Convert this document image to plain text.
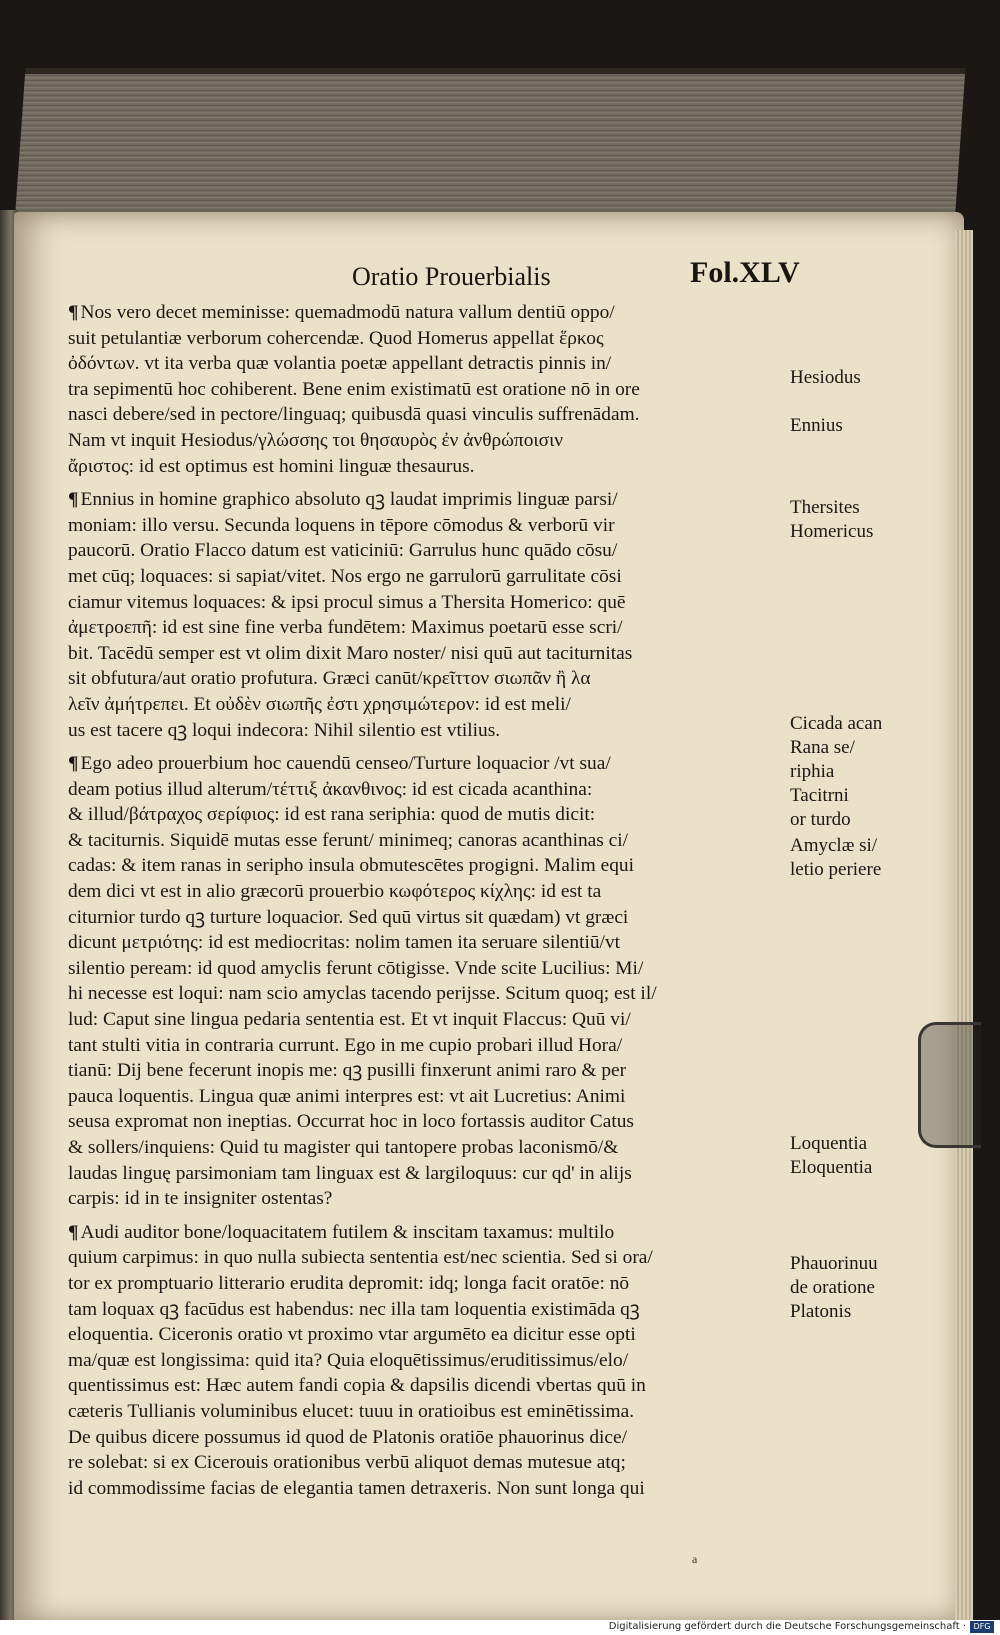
Oratio Prouerbialis	Fol.XLV
¶ Nos vero decet meminisse: quemadmodū natura vallum dentiū oppo/
suit petulantiæ verborum cohercendæ. Quod Homerus appellat ἕρκος
ὀδόντων. vt ita verba quæ volantia poetæ appellant detractis pinnis in/
tra sepimentū hoc cohiberent. Bene enim existimatū est oratione nō in ore
nasci debere/sed in pectore/linguaq; quibusdā quasi vinculis suffrenādam.
Nam vt inquit Hesiodus/γλώσσης τοι θησαυρὸς ἐν ἀνθρώποισιν
ἄριστος: id est optimus est homini linguæ thesaurus.
¶ Ennius in homine graphico absoluto qꝫ laudat imprimis linguæ parsi/
moniam: illo versu. Secunda loquens in tēpore cōmodus & verborū vir
paucorū. Oratio Flacco datum est vaticiniū: Garrulus hunc quādo cōsu/
met cūq; loquaces: si sapiat/vitet. Nos ergo ne garrulorū garrulitate cōsi
ciamur vitemus loquaces: & ipsi procul simus a Thersita Homerico: quē
ἀμετροεπῆ: id est sine fine verba fundētem: Maximus poetarū esse scri/
bit. Tacēdū semper est vt olim dixit Maro noster/ nisi quū aut taciturnitas
sit obfutura/aut oratio profutura. Græci canūt/κρεῖττον σιωπᾶν ἢ λα
λεῖν ἀμήτρεπει. Et οὐδὲν σιωπῆς ἐστι χρησιμώτερον: id est meli/
us est tacere qꝫ loqui indecora: Nihil silentio est vtilius.
¶ Ego adeo prouerbium hoc cauendū censeo/Turture loquacior /vt sua/
deam potius illud alterum/τέττιξ ἀκανθινος: id est cicada acanthina:
& illud/βάτραχος σερίφιος: id est rana seriphia: quod de mutis dicit:
& taciturnis. Siquidē mutas esse ferunt/ minimeq; canoras acanthinas ci/
cadas: & item ranas in seripho insula obmutescētes progigni. Malim equi
dem dici vt est in alio græcorū prouerbio κωφότερος κίχλης: id est ta
citurnior turdo qꝫ turture loquacior. Sed quū virtus sit quædam) vt græci
dicunt μετριότης: id est mediocritas: nolim tamen ita seruare silentiū/vt
silentio peream: id quod amyclis ferunt cōtigisse. Vnde scite Lucilius: Mi/
hi necesse est loqui: nam scio amyclas tacendo perijsse. Scitum quoq; est il/
lud: Caput sine lingua pedaria sententia est. Et vt inquit Flaccus: Quū vi/
tant stulti vitia in contraria currunt. Ego in me cupio probari illud Hora/
tianū: Dij bene fecerunt inopis me: qꝫ pusilli finxerunt animi raro & per
pauca loquentis. Lingua quæ animi interpres est: vt ait Lucretius: Animi
seusa expromat non ineptias. Occurrat hoc in loco fortassis auditor Catus
& sollers/inquiens: Quid tu magister qui tantopere probas laconismō/&
laudas linguę parsimoniam tam linguax est & largiloquus: cur qd' in alijs
carpis: id in te insigniter ostentas?
¶ Audi auditor bone/loquacitatem futilem & inscitam taxamus: multilo
quium carpimus: in quo nulla subiecta sententia est/nec scientia. Sed si ora/
tor ex promptuario litterario erudita depromit: idq; longa facit oratōe: nō
tam loquax qꝫ facūdus est habendus: nec illa tam loquentia existimāda qꝫ
eloquentia. Ciceronis oratio vt proximo vtar argumēto ea dicitur esse opti
ma/quæ est longissima: quid ita? Quia eloquētissimus/eruditissimus/elo/
quentissimus est: Hæc autem fandi copia & dapsilis dicendi vbertas quū in
cæteris Tullianis voluminibus elucet: tuuu in oratioibus est eminētissima.
De quibus dicere possumus id quod de Platonis oratiōe phauorinus dice/
re solebat: si ex Cicerouis orationibus verbū aliquot demas mutesue atq;
id commodissime facias de elegantia tamen detraxeris. Non sunt longa qui
Hesiodus
Ennius
Thersites
Homericus
Cicada acan
Rana se/
riphia
Tacitrni
or turdo
Amyclæ si/
letio periere
Loquentia
Eloquentia
Phauorinuu
de oratione
Platonis
a
Digitalisierung gefördert durch die Deutsche Forschungsgemeinschaft · DFG
